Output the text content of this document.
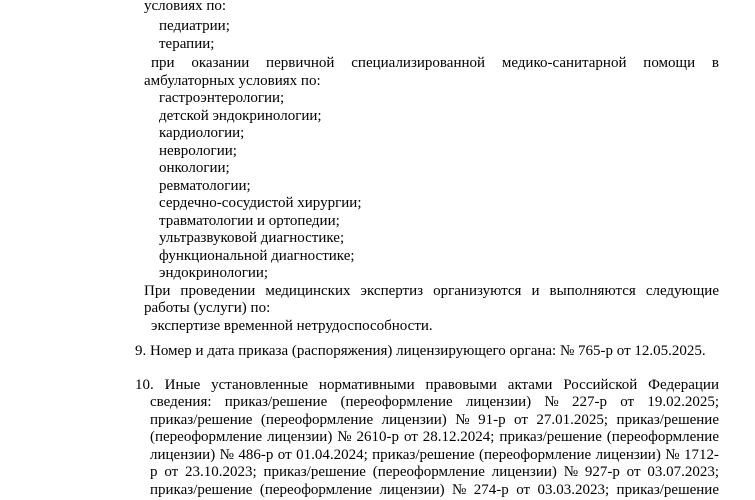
условиях по:
педиатрии;
терапии;
при оказании первичной специализированной медико-санитарной помощи в
амбулаторных условиях по:
гастроэнтерологии;
детской эндокринологии;
кардиологии;
неврологии;
онкологии;
ревматологии;
сердечно-сосудистой хирургии;
травматологии и ортопедии;
ультразвуковой диагностике;
функциональной диагностике;
эндокринологии;
При проведении медицинских экспертиз организуются и выполняются следующие
работы (услуги) по:
экспертизе временной нетрудоспособности.
9. Номер и дата приказа (распоряжения) лицензирующего органа: № 765-р от 12.05.2025.
10. Иные установленные нормативными правовыми актами Российской Федерации
сведения: приказ/решение (переоформление лицензии) № 227-р от 19.02.2025;
приказ/решение (переоформление лицензии) № 91-р от 27.01.2025; приказ/решение
(переоформление лицензии) № 2610-р от 28.12.2024; приказ/решение (переоформление
лицензии) № 486-р от 01.04.2024; приказ/решение (переоформление лицензии) № 1712-
р от 23.10.2023; приказ/решение (переоформление лицензии) № 927-р от 03.07.2023;
приказ/решение (переоформление лицензии) № 274-р от 03.03.2023; приказ/решение
